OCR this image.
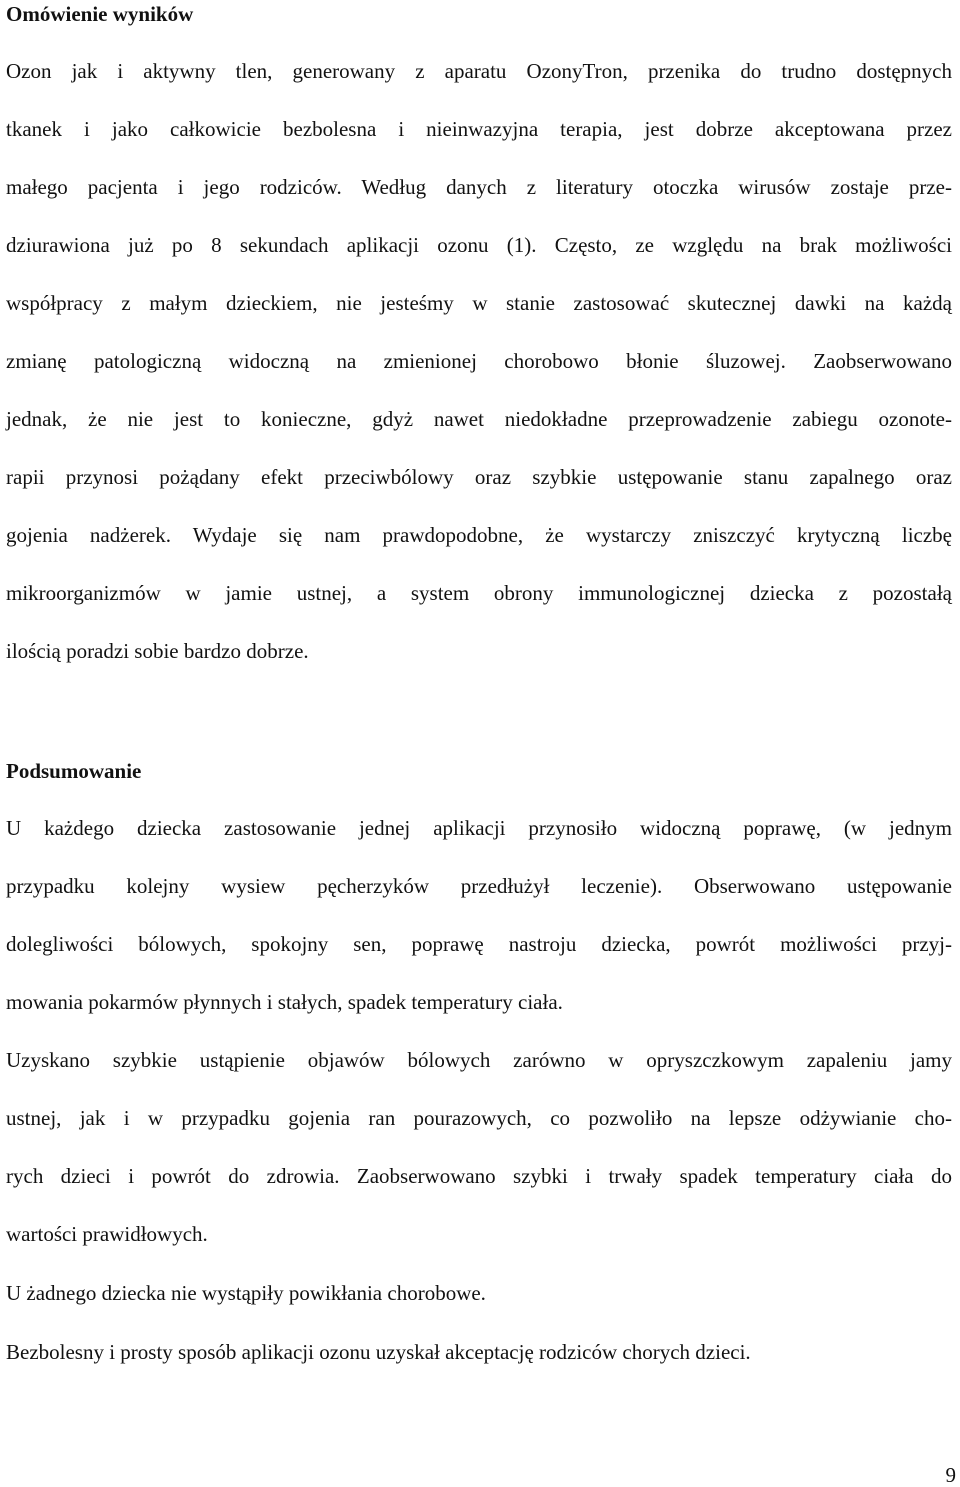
Omówienie wyników
Ozon jak i aktywny tlen, generowany z aparatu OzonyTron, przenika do trudno dostępnych
tkanek i jako całkowicie bezbolesna i nieinwazyjna terapia, jest dobrze akceptowana przez
małego pacjenta i jego rodziców. Według danych z literatury otoczka wirusów zostaje prze-
dziurawiona już po 8 sekundach aplikacji ozonu (1). Często, ze względu na brak możliwości
współpracy z małym dzieckiem, nie jesteśmy w stanie zastosować skutecznej dawki na każdą
zmianę patologiczną widoczną na zmienionej chorobowo błonie śluzowej. Zaobserwowano
jednak, że nie jest to konieczne, gdyż nawet niedokładne przeprowadzenie zabiegu ozonote-
rapii przynosi pożądany efekt przeciwbólowy oraz szybkie ustępowanie stanu zapalnego oraz
gojenia nadżerek. Wydaje się nam prawdopodobne, że wystarczy zniszczyć krytyczną liczbę
mikroorganizmów w jamie ustnej, a system obrony immunologicznej dziecka z pozostałą
ilością poradzi sobie bardzo dobrze.
Podsumowanie
U każdego dziecka zastosowanie jednej aplikacji przynosiło widoczną poprawę, (w jednym
przypadku kolejny wysiew pęcherzyków przedłużył leczenie). Obserwowano ustępowanie
dolegliwości bólowych, spokojny sen, poprawę nastroju dziecka, powrót możliwości przyj-
mowania pokarmów płynnych i stałych, spadek temperatury ciała.
Uzyskano szybkie ustąpienie objawów bólowych zarówno w opryszczkowym zapaleniu jamy
ustnej, jak i w przypadku gojenia ran pourazowych, co pozwoliło na lepsze odżywianie cho-
rych dzieci i powrót do zdrowia. Zaobserwowano szybki i trwały spadek temperatury ciała do
wartości prawidłowych.
U żadnego dziecka nie wystąpiły powikłania chorobowe.
Bezbolesny i prosty sposób aplikacji ozonu uzyskał akceptację rodziców chorych dzieci.
9
